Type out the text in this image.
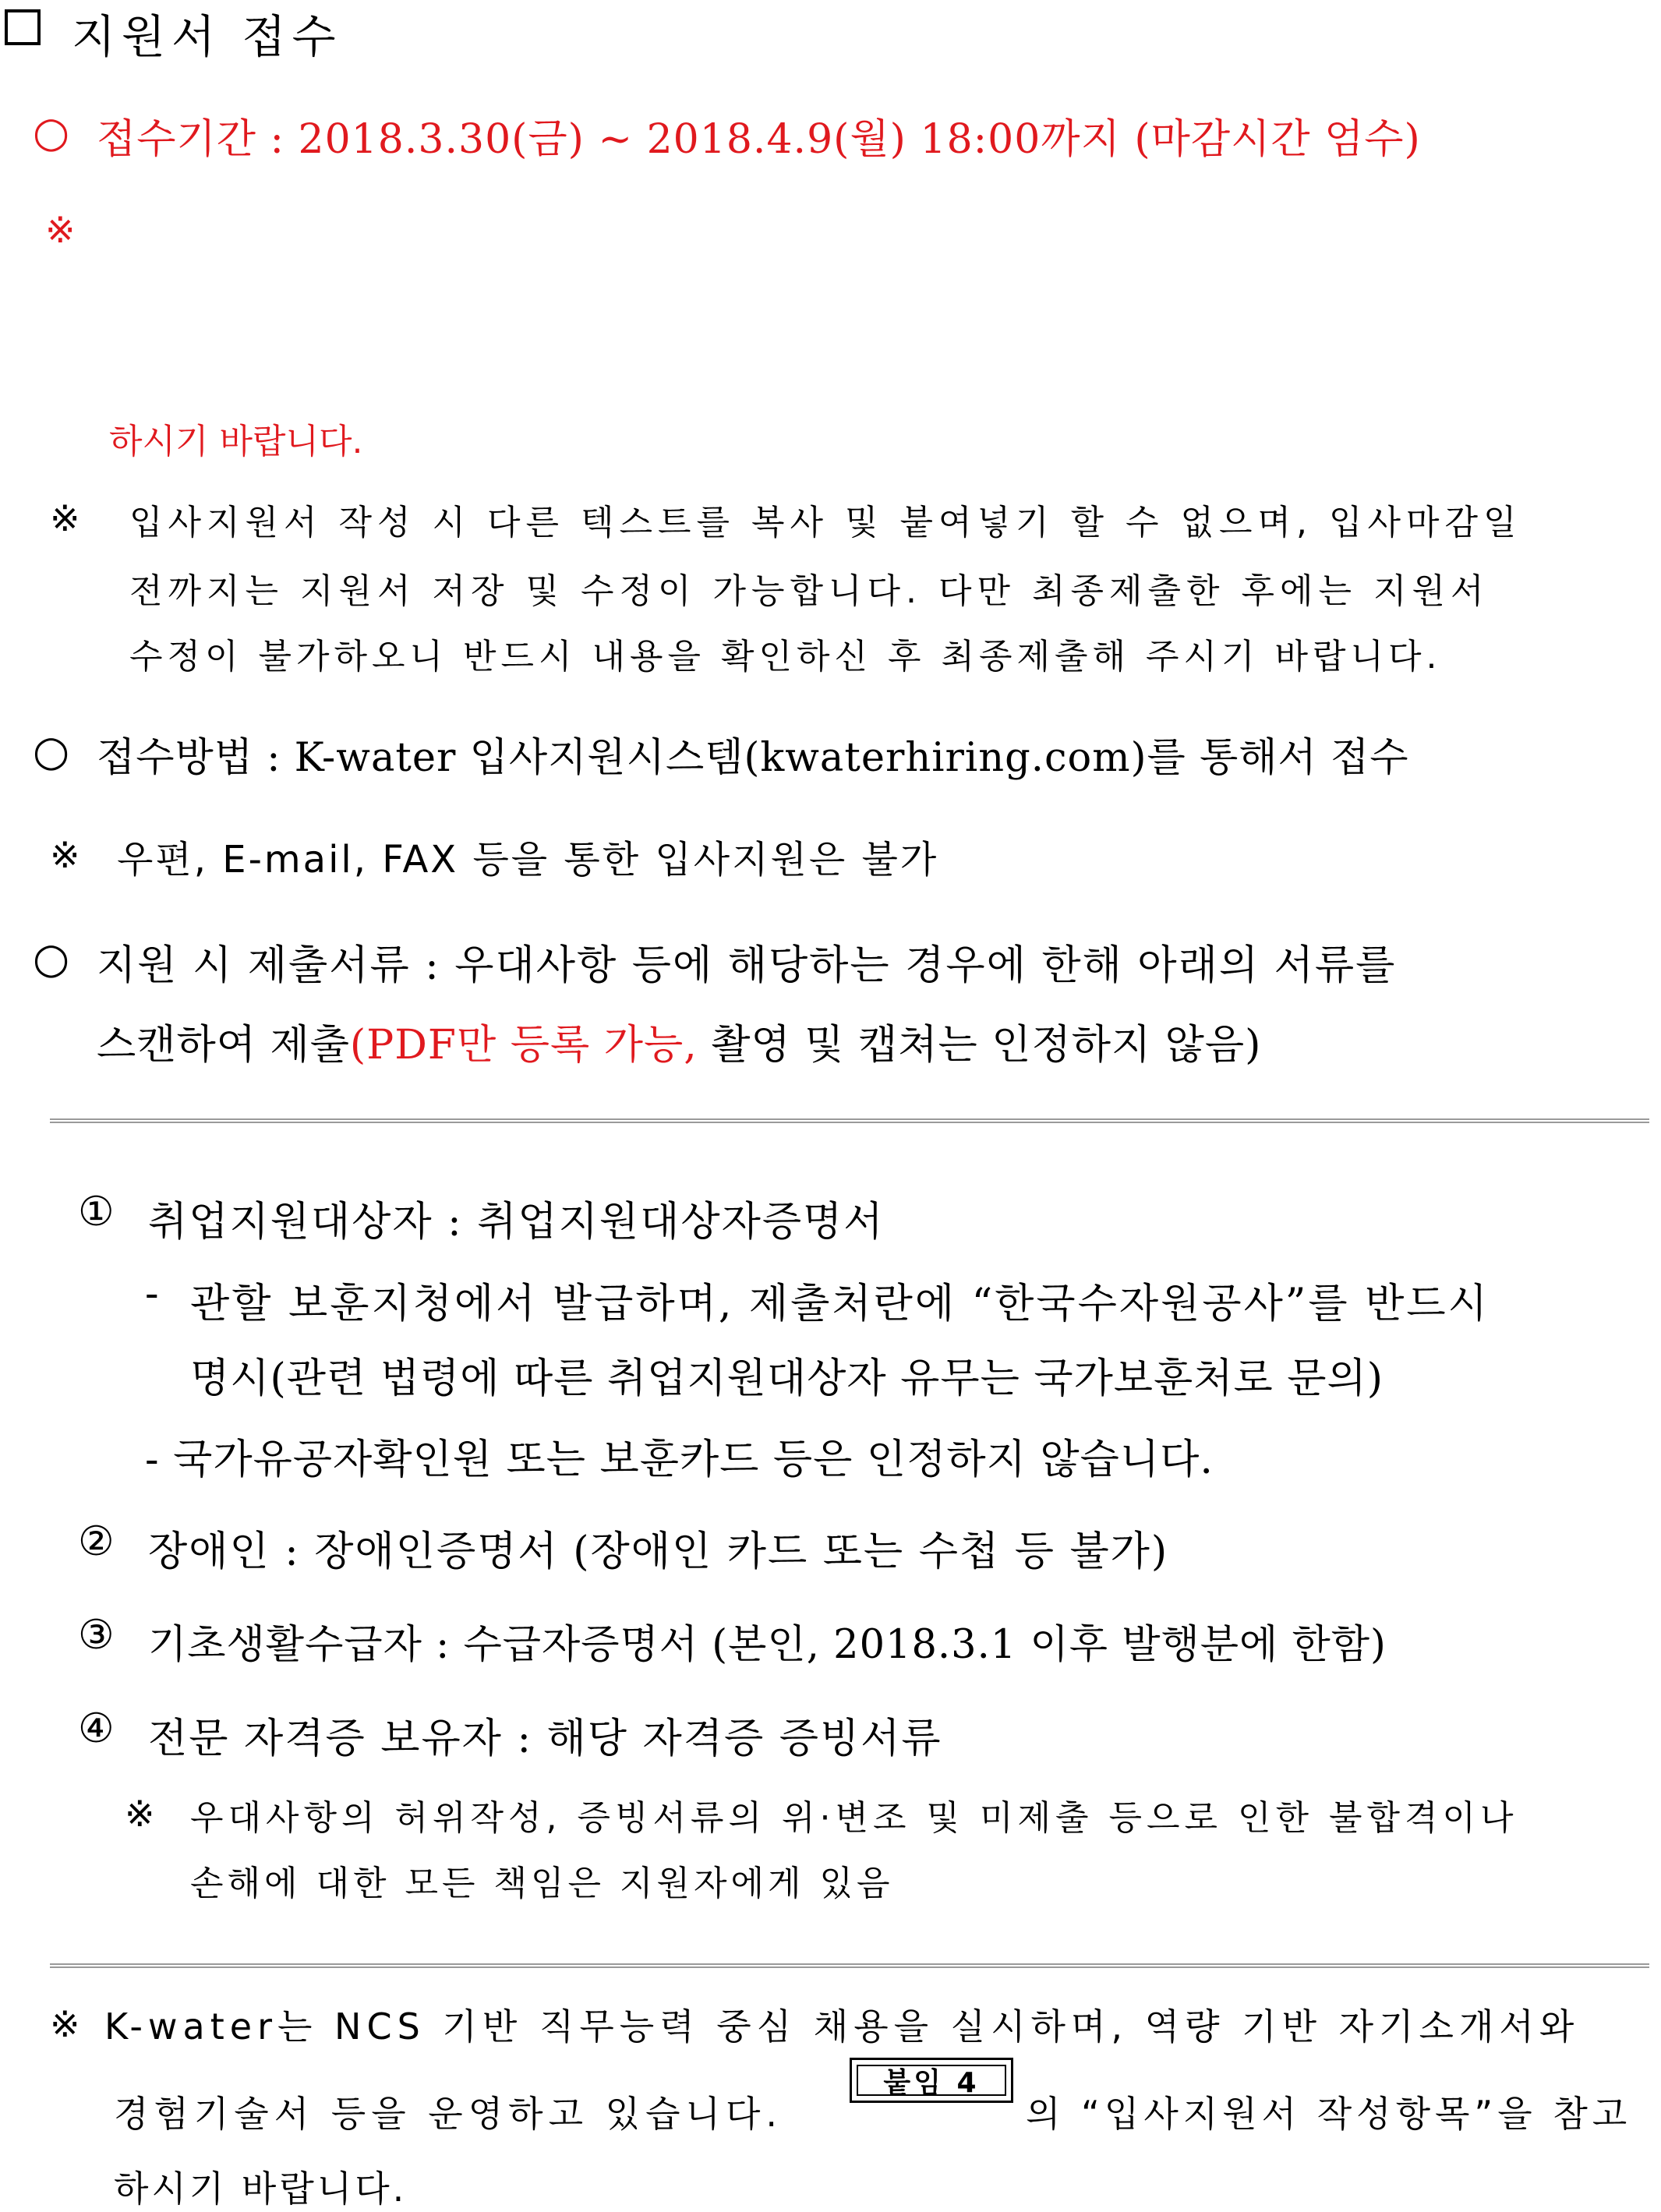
지원서 접수
○ 접수기간 : 2018.3.30(금) ~ 2018.4.9(월) 18:00까지 (마감시간 엄수)
※
하시기 바랍니다.
※ 입사지원서 작성 시 다른 텍스트를 복사 및 붙여넣기 할 수 없으며, 입사마감일
전까지는 지원서 저장 및 수정이 가능합니다. 다만 최종제출한 후에는 지원서
수정이 불가하오니 반드시 내용을 확인하신 후 최종제출해 주시기 바랍니다.
○ 접수방법 : K-water 입사지원시스템(kwaterhiring.com)를 통해서 접수
※ 우편, E-mail, FAX 등을 통한 입사지원은 불가
○ 지원 시 제출서류 : 우대사항 등에 해당하는 경우에 한해 아래의 서류를
스캔하여 제출(PDF만 등록 가능, 촬영 및 캡쳐는 인정하지 않음)
① 취업지원대상자 : 취업지원대상자증명서
- 관할 보훈지청에서 발급하며, 제출처란에 “한국수자원공사”를 반드시
명시(관련 법령에 따른 취업지원대상자 유무는 국가보훈처로 문의)
- 국가유공자확인원 또는 보훈카드 등은 인정하지 않습니다.
② 장애인 : 장애인증명서 (장애인 카드 또는 수첩 등 불가)
③ 기초생활수급자 : 수급자증명서 (본인, 2018.3.1 이후 발행분에 한함)
④ 전문 자격증 보유자 : 해당 자격증 증빙서류
※ 우대사항의 허위작성, 증빙서류의 위·변조 및 미제출 등으로 인한 불합격이나
손해에 대한 모든 책임은 지원자에게 있음
※ K-water는 NCS 기반 직무능력 중심 채용을 실시하며, 역량 기반 자기소개서와
경험기술서 등을 운영하고 있습니다.
붙임 4
의 “입사지원서 작성항목”을 참고
하시기 바랍니다.
